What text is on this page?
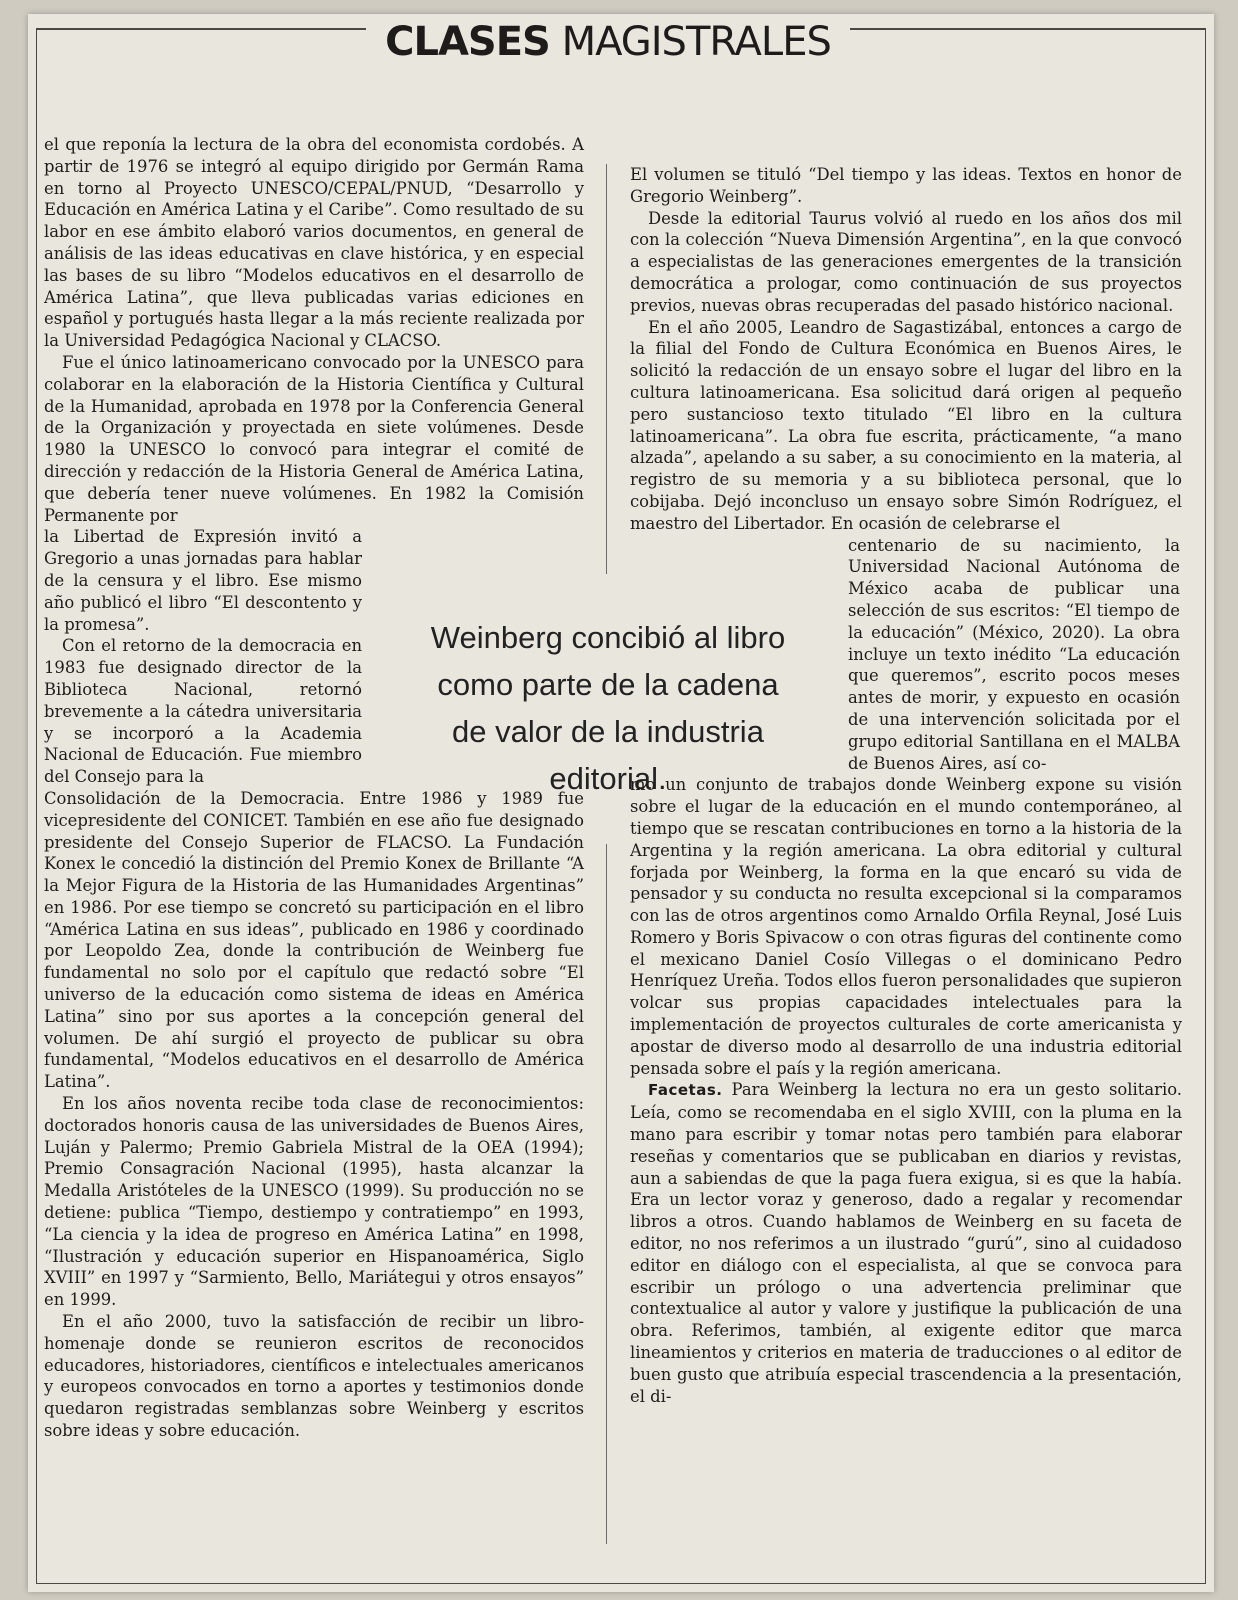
CLASES MAGISTRALES

el que reponía la lectura de la obra del economista cordobés. A partir de 1976 se integró al equipo dirigido por Germán Rama en torno al Proyecto UNESCO/CEPAL/PNUD, “Desarrollo y Educación en América Latina y el Caribe”. Como resultado de su labor en ese ámbito elaboró varios documentos, en general de análisis de las ideas educativas en clave histórica, y en especial las bases de su libro “Modelos educativos en el desarrollo de América Latina”, que lleva publicadas varias ediciones en español y portugués hasta llegar a la más reciente realizada por la Universidad Pedagógica Nacional y CLACSO.

Fue el único latinoamericano convocado por la UNESCO para colaborar en la elaboración de la Historia Científica y Cultural de la Humanidad, aprobada en 1978 por la Conferencia General de la Organización y proyectada en siete volúmenes. Desde 1980 la UNESCO lo convocó para integrar el comité de dirección y redacción de la Historia General de América Latina, que debería tener nueve volúmenes. En 1982 la Comisión Permanente por

la Libertad de Expresión invitó a Gregorio a unas jornadas para hablar de la censura y el libro. Ese mismo año publicó el libro “El descontento y la promesa”.

Con el retorno de la democracia en 1983 fue designado director de la Biblioteca Nacional, retornó brevemente a la cátedra universitaria y se incorporó a la Academia Nacional de Educación. Fue miembro del Consejo para la

Consolidación de la Democracia. Entre 1986 y 1989 fue vicepresidente del CONICET. También en ese año fue designado presidente del Consejo Superior de FLACSO. La Fundación Konex le concedió la distinción del Premio Konex de Brillante “A la Mejor Figura de la Historia de las Humanidades Argentinas” en 1986. Por ese tiempo se concretó su participación en el libro “América Latina en sus ideas”, publicado en 1986 y coordinado por Leopoldo Zea, donde la contribución de Weinberg fue fundamental no solo por el capítulo que redactó sobre “El universo de la educación como sistema de ideas en América Latina” sino por sus aportes a la concepción general del volumen. De ahí surgió el proyecto de publicar su obra fundamental, “Modelos educativos en el desarrollo de América Latina”.

En los años noventa recibe toda clase de reconocimientos: doctorados honoris causa de las universidades de Buenos Aires, Luján y Palermo; Premio Gabriela Mistral de la OEA (1994); Premio Consagración Nacional (1995), hasta alcanzar la Medalla Aristóteles de la UNESCO (1999). Su producción no se detiene: publica “Tiempo, destiempo y contratiempo” en 1993, “La ciencia y la idea de progreso en América Latina” en 1998, “Ilustración y educación superior en Hispanoamérica, Siglo XVIII” en 1997 y “Sarmiento, Bello, Mariátegui y otros ensayos” en 1999.

En el año 2000, tuvo la satisfacción de recibir un libro-homenaje donde se reunieron escritos de reconocidos educadores, historiadores, científicos e intelectuales americanos y europeos convocados en torno a aportes y testimonios donde quedaron registradas semblanzas sobre Weinberg y escritos sobre ideas y sobre educación.

Weinberg concibió al libro como parte de la cadena de valor de la industria editorial.

El volumen se tituló “Del tiempo y las ideas. Textos en honor de Gregorio Weinberg”.

Desde la editorial Taurus volvió al ruedo en los años dos mil con la colección “Nueva Dimensión Argentina”, en la que convocó a especialistas de las generaciones emergentes de la transición democrática a prologar, como continuación de sus proyectos previos, nuevas obras recuperadas del pasado histórico nacional.

En el año 2005, Leandro de Sagastizábal, entonces a cargo de la filial del Fondo de Cultura Económica en Buenos Aires, le solicitó la redacción de un ensayo sobre el lugar del libro en la cultura latinoamericana. Esa solicitud dará origen al pequeño pero sustancioso texto titulado “El libro en la cultura latinoamericana”. La obra fue escrita, prácticamente, “a mano alzada”, apelando a su saber, a su conocimiento en la materia, al registro de su memoria y a su biblioteca personal, que lo cobijaba. Dejó inconcluso un ensayo sobre Simón Rodríguez, el maestro del Libertador. En ocasión de celebrarse el

centenario de su nacimiento, la Universidad Nacional Autónoma de México acaba de publicar una selección de sus escritos: “El tiempo de la educación” (México, 2020). La obra incluye un texto inédito “La educación que queremos”, escrito pocos meses antes de morir, y expuesto en ocasión de una intervención solicitada por el grupo editorial Santillana en el MALBA de Buenos Aires, así co-

mo un conjunto de trabajos donde Weinberg expone su visión sobre el lugar de la educación en el mundo contemporáneo, al tiempo que se rescatan contribuciones en torno a la historia de la Argentina y la región americana. La obra editorial y cultural forjada por Weinberg, la forma en la que encaró su vida de pensador y su conducta no resulta excepcional si la comparamos con las de otros argentinos como Arnaldo Orfila Reynal, José Luis Romero y Boris Spivacow o con otras figuras del continente como el mexicano Daniel Cosío Villegas o el dominicano Pedro Henríquez Ureña. Todos ellos fueron personalidades que supieron volcar sus propias capacidades intelectuales para la implementación de proyectos culturales de corte americanista y apostar de diverso modo al desarrollo de una industria editorial pensada sobre el país y la región americana.

Facetas. Para Weinberg la lectura no era un gesto solitario. Leía, como se recomendaba en el siglo XVIII, con la pluma en la mano para escribir y tomar notas pero también para elaborar reseñas y comentarios que se publicaban en diarios y revistas, aun a sabiendas de que la paga fuera exigua, si es que la había. Era un lector voraz y generoso, dado a regalar y recomendar libros a otros. Cuando hablamos de Weinberg en su faceta de editor, no nos referimos a un ilustrado “gurú”, sino al cuidadoso editor en diálogo con el especialista, al que se convoca para escribir un prólogo o una advertencia preliminar que contextualice al autor y valore y justifique la publicación de una obra. Referimos, también, al exigente editor que marca lineamientos y criterios en materia de traducciones o al editor de buen gusto que atribuía especial trascendencia a la presentación, el di-
